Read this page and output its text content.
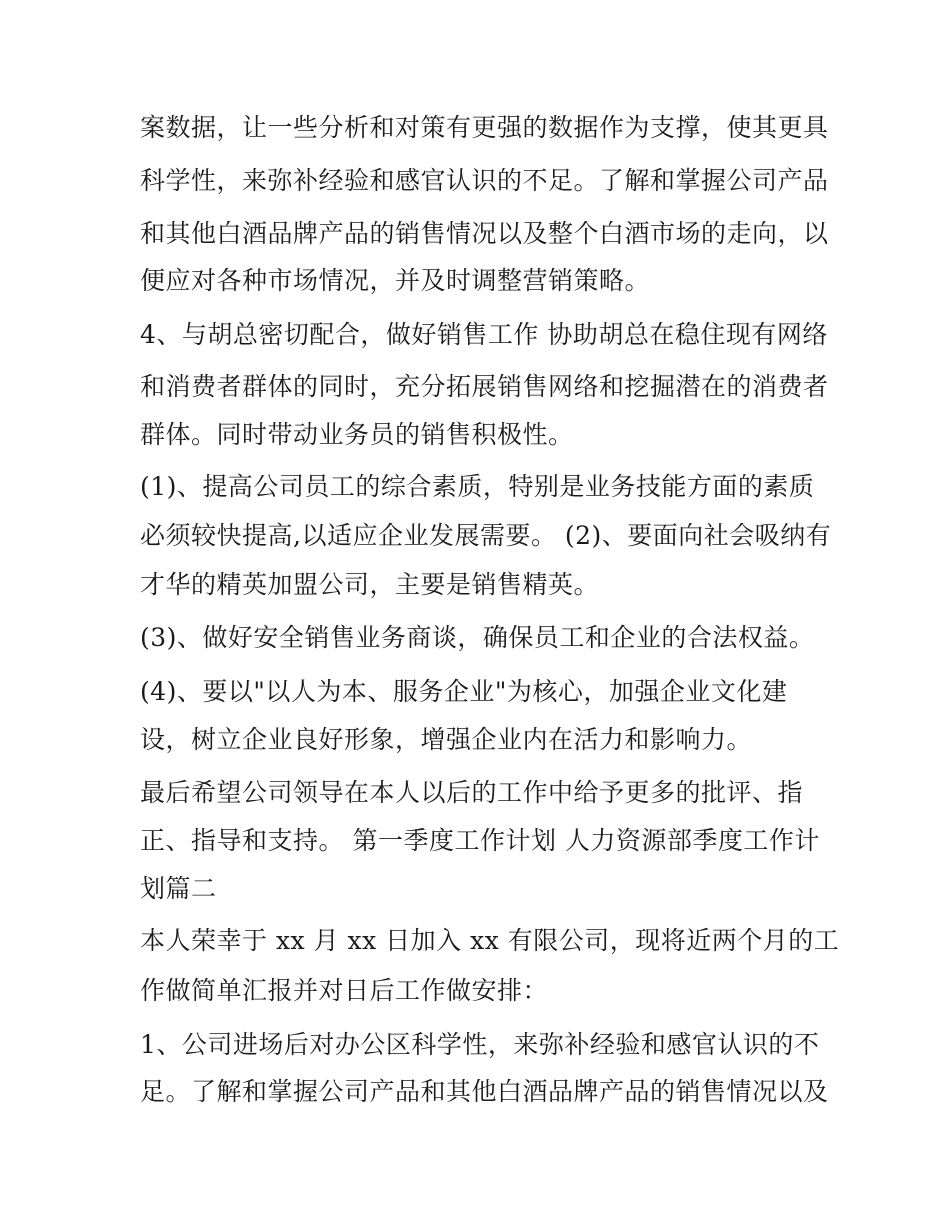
案数据，让一些分析和对策有更强的数据作为支撑，使其更具
科学性，来弥补经验和感官认识的不足。了解和掌握公司产品
和其他白酒品牌产品的销售情况以及整个白酒市场的走向，以
便应对各种市场情况，并及时调整营销策略。
4、与胡总密切配合，做好销售工作 协助胡总在稳住现有网络
和消费者群体的同时，充分拓展销售网络和挖掘潜在的消费者
群体。同时带动业务员的销售积极性。
(1)、提高公司员工的综合素质，特别是业务技能方面的素质
必须较快提高,以适应企业发展需要。 (2)、要面向社会吸纳有
才华的精英加盟公司，主要是销售精英。
(3)、做好安全销售业务商谈，确保员工和企业的合法权益。
(4)、要以"以人为本、服务企业"为核心，加强企业文化建
设，树立企业良好形象，增强企业内在活力和影响力。
最后希望公司领导在本人以后的工作中给予更多的批评、指
正、指导和支持。 第一季度工作计划 人力资源部季度工作计
划篇二
本人荣幸于 xx 月 xx 日加入 xx 有限公司，现将近两个月的工
作做简单汇报并对日后工作做安排：
1、公司进场后对办公区科学性，来弥补经验和感官认识的不
足。了解和掌握公司产品和其他白酒品牌产品的销售情况以及
